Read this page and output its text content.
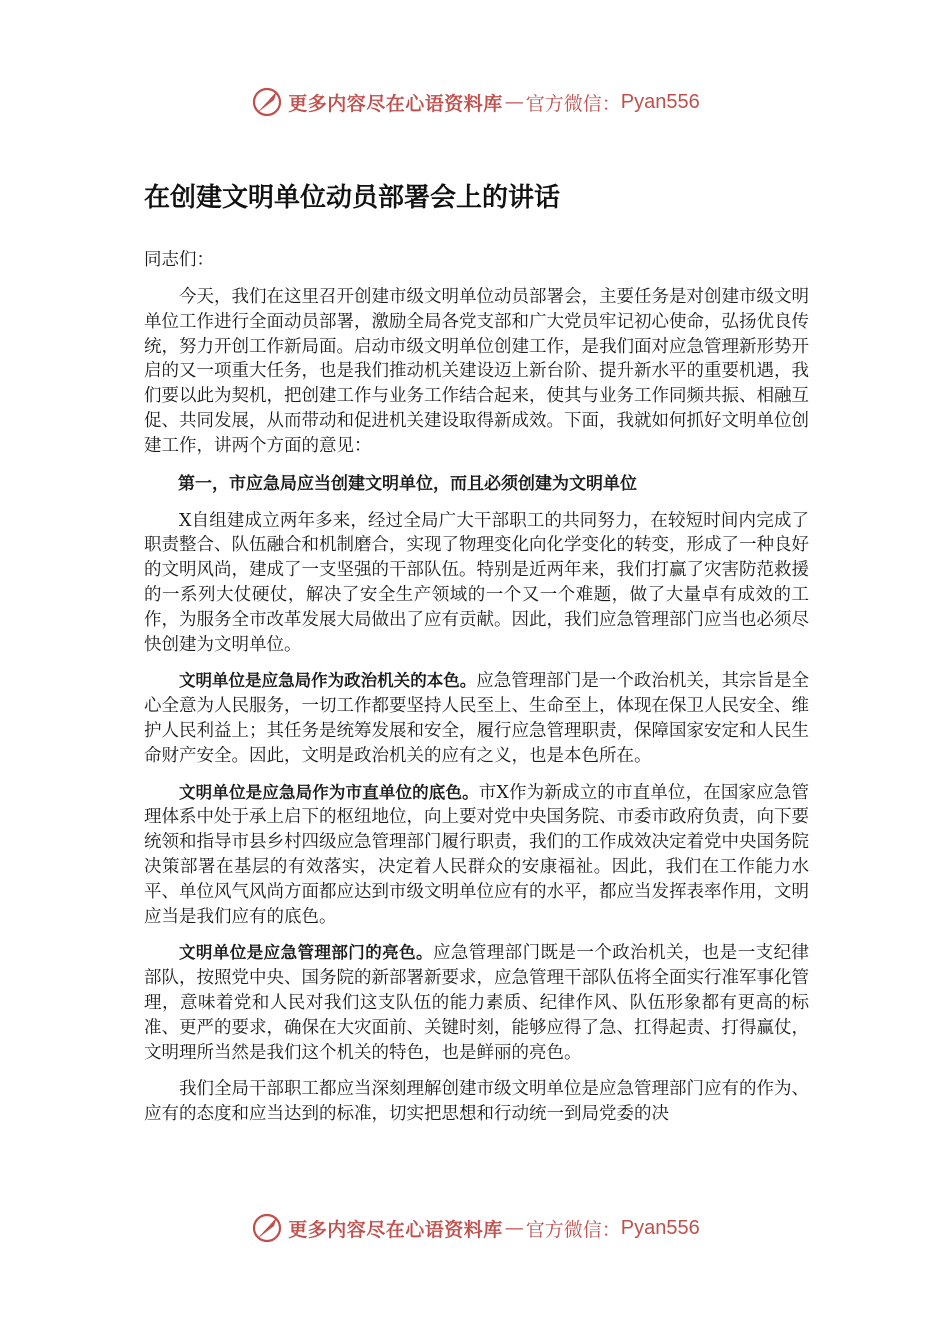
更多内容尽在心语资料库 — 官方微信： Pyan556
在创建文明单位动员部署会上的讲话
同志们：

今天，我们在这里召开创建市级文明单位动员部署会，主要任务是对创建市级文明单位工作进行全面动员部署，激励全局各党支部和广大党员牢记初心使命，弘扬优良传统，努力开创工作新局面。启动市级文明单位创建工作，是我们面对应急管理新形势开启的又一项重大任务，也是我们推动机关建设迈上新台阶、提升新水平的重要机遇，我们要以此为契机，把创建工作与业务工作结合起来，使其与业务工作同频共振、相融互促、共同发展，从而带动和促进机关建设取得新成效。下面，我就如何抓好文明单位创建工作，讲两个方面的意见：

第一，市应急局应当创建文明单位，而且必须创建为文明单位

X自组建成立两年多来，经过全局广大干部职工的共同努力，在较短时间内完成了职责整合、队伍融合和机制磨合，实现了物理变化向化学变化的转变，形成了一种良好的文明风尚，建成了一支坚强的干部队伍。特别是近两年来，我们打赢了灾害防范救援的一系列大仗硬仗，解决了安全生产领域的一个又一个难题，做了大量卓有成效的工作，为服务全市改革发展大局做出了应有贡献。因此，我们应急管理部门应当也必须尽快创建为文明单位。

文明单位是应急局作为政治机关的本色。应急管理部门是一个政治机关，其宗旨是全心全意为人民服务，一切工作都要坚持人民至上、生命至上，体现在保卫人民安全、维护人民利益上；其任务是统筹发展和安全，履行应急管理职责，保障国家安定和人民生命财产安全。因此，文明是政治机关的应有之义，也是本色所在。

文明单位是应急局作为市直单位的底色。市X作为新成立的市直单位，在国家应急管理体系中处于承上启下的枢纽地位，向上要对党中央国务院、市委市政府负责，向下要统领和指导市县乡村四级应急管理部门履行职责，我们的工作成效决定着党中央国务院决策部署在基层的有效落实，决定着人民群众的安康福祉。因此，我们在工作能力水平、单位风气风尚方面都应达到市级文明单位应有的水平，都应当发挥表率作用，文明应当是我们应有的底色。

文明单位是应急管理部门的亮色。应急管理部门既是一个政治机关，也是一支纪律部队，按照党中央、国务院的新部署新要求，应急管理干部队伍将全面实行准军事化管理，意味着党和人民对我们这支队伍的能力素质、纪律作风、队伍形象都有更高的标准、更严的要求，确保在大灾面前、关键时刻，能够应得了急、扛得起责、打得赢仗，文明理所当然是我们这个机关的特色，也是鲜丽的亮色。

我们全局干部职工都应当深刻理解创建市级文明单位是应急管理部门应有的作为、应有的态度和应当达到的标准，切实把思想和行动统一到局党委的决

更多内容尽在心语资料库 — 官方微信： Pyan556
